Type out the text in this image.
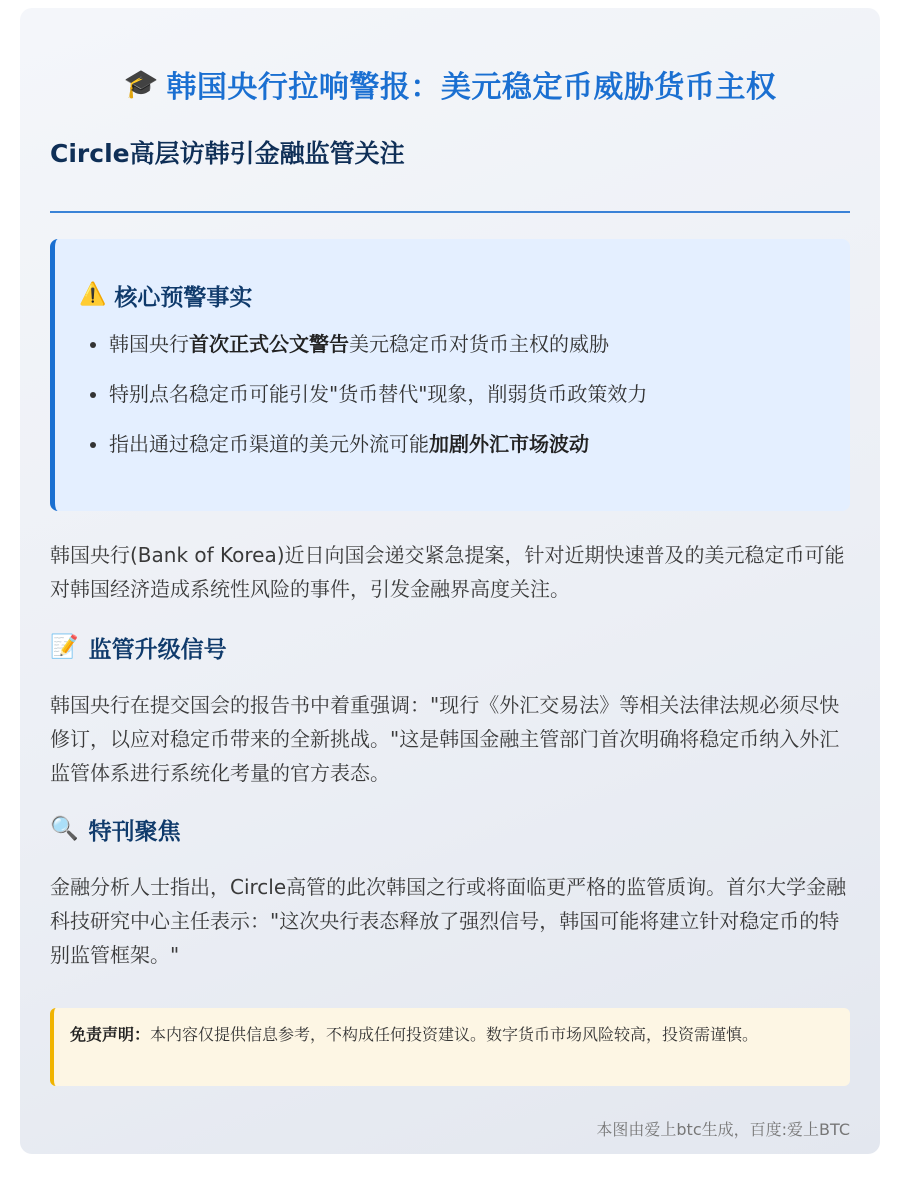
🎓 韩国央行拉响警报：美元稳定币威胁货币主权
Circle高层访韩引金融监管关注
⚠️ 核心预警事实
• 韩国央行首次正式公文警告美元稳定币对货币主权的威胁
• 特别点名稳定币可能引发"货币替代"现象，削弱货币政策效力
• 指出通过稳定币渠道的美元外流可能加剧外汇市场波动

韩国央行(Bank of Korea)近日向国会递交紧急提案，针对近期快速普及的美元稳定币可能对韩国经济造成系统性风险的事件，引发金融界高度关注。

📝 监管升级信号

韩国央行在提交国会的报告书中着重强调："现行《外汇交易法》等相关法律法规必须尽快修订，以应对稳定币带来的全新挑战。"这是韩国金融主管部门首次明确将稳定币纳入外汇监管体系进行系统化考量的官方表态。

🔍 特刊聚焦

金融分析人士指出，Circle高管的此次韩国之行或将面临更严格的监管质询。首尔大学金融科技研究中心主任表示："这次央行表态释放了强烈信号，韩国可能将建立针对稳定币的特别监管框架。"

免责声明：本内容仅提供信息参考，不构成任何投资建议。数字货币市场风险较高，投资需谨慎。
本图由爱上btc生成，百度:爱上BTC
